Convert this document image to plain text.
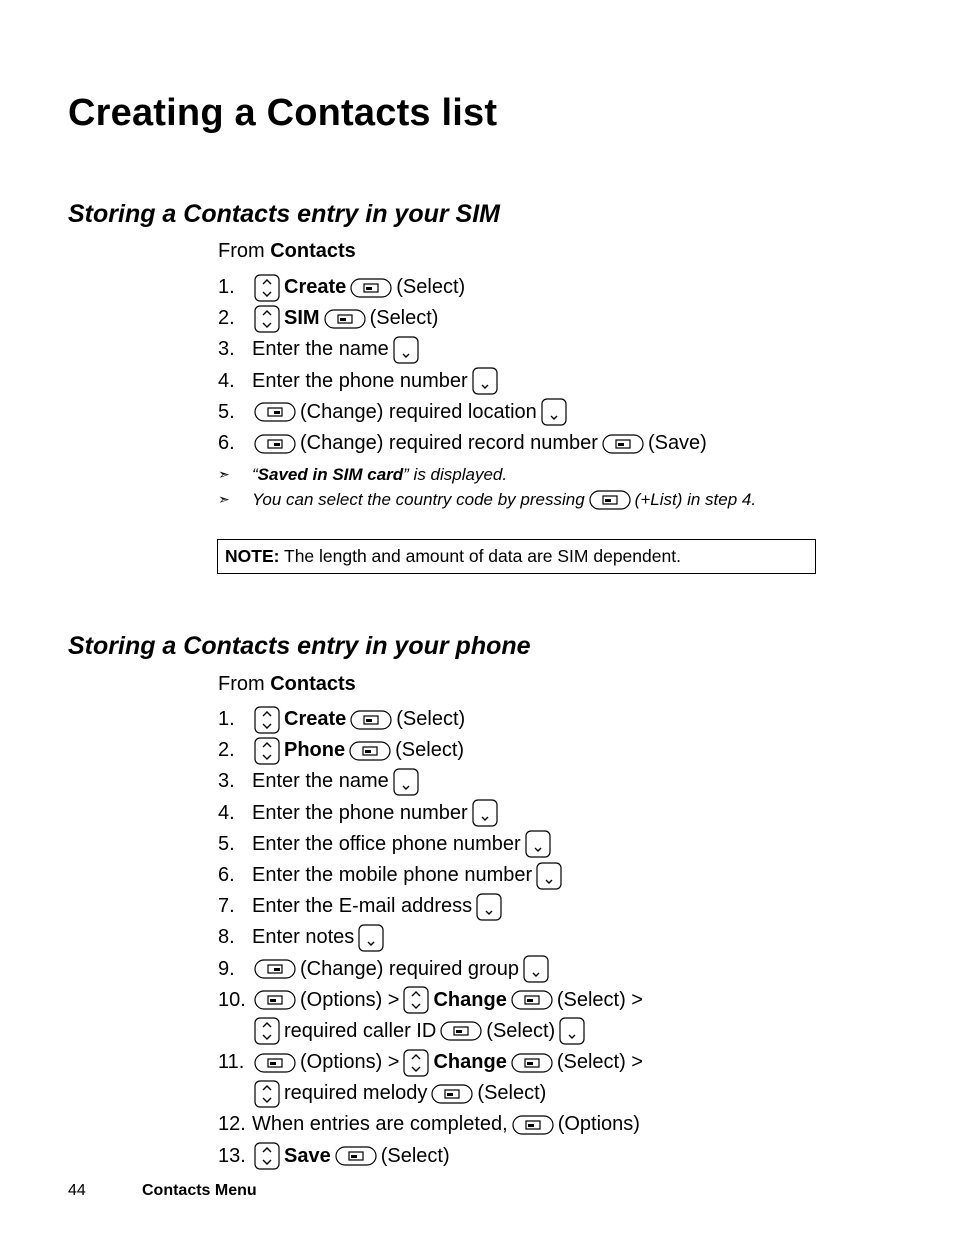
Creating a Contacts list
Storing a Contacts entry in your SIM
From Contacts
1.	Create	(Select)
2.	SIM	(Select)
3. Enter the name
4. Enter the phone number
5.	(Change) required location
6.	(Change) required record number	(Save)
➣	“ Saved in SIM card ” is displayed.
➣	You can select the country code by pressing	(+List) in step 4.
NOTE: The length and amount of data are SIM dependent.
Storing a Contacts entry in your phone
From Contacts
1.	Create	(Select)
2.	Phone	(Select)
3. Enter the name
4. Enter the phone number
5. Enter the office phone number
6. Enter the mobile phone number
7. Enter the E-mail address
8. Enter notes
9.	(Change) required group
10.	(Options) > Change	(Select) >
required caller ID	(Select)
11.	(Options) > Change	(Select) >
required melody	(Select)
12. When entries are completed,	(Options)
13.	Save	(Select)
44	Contacts Menu
